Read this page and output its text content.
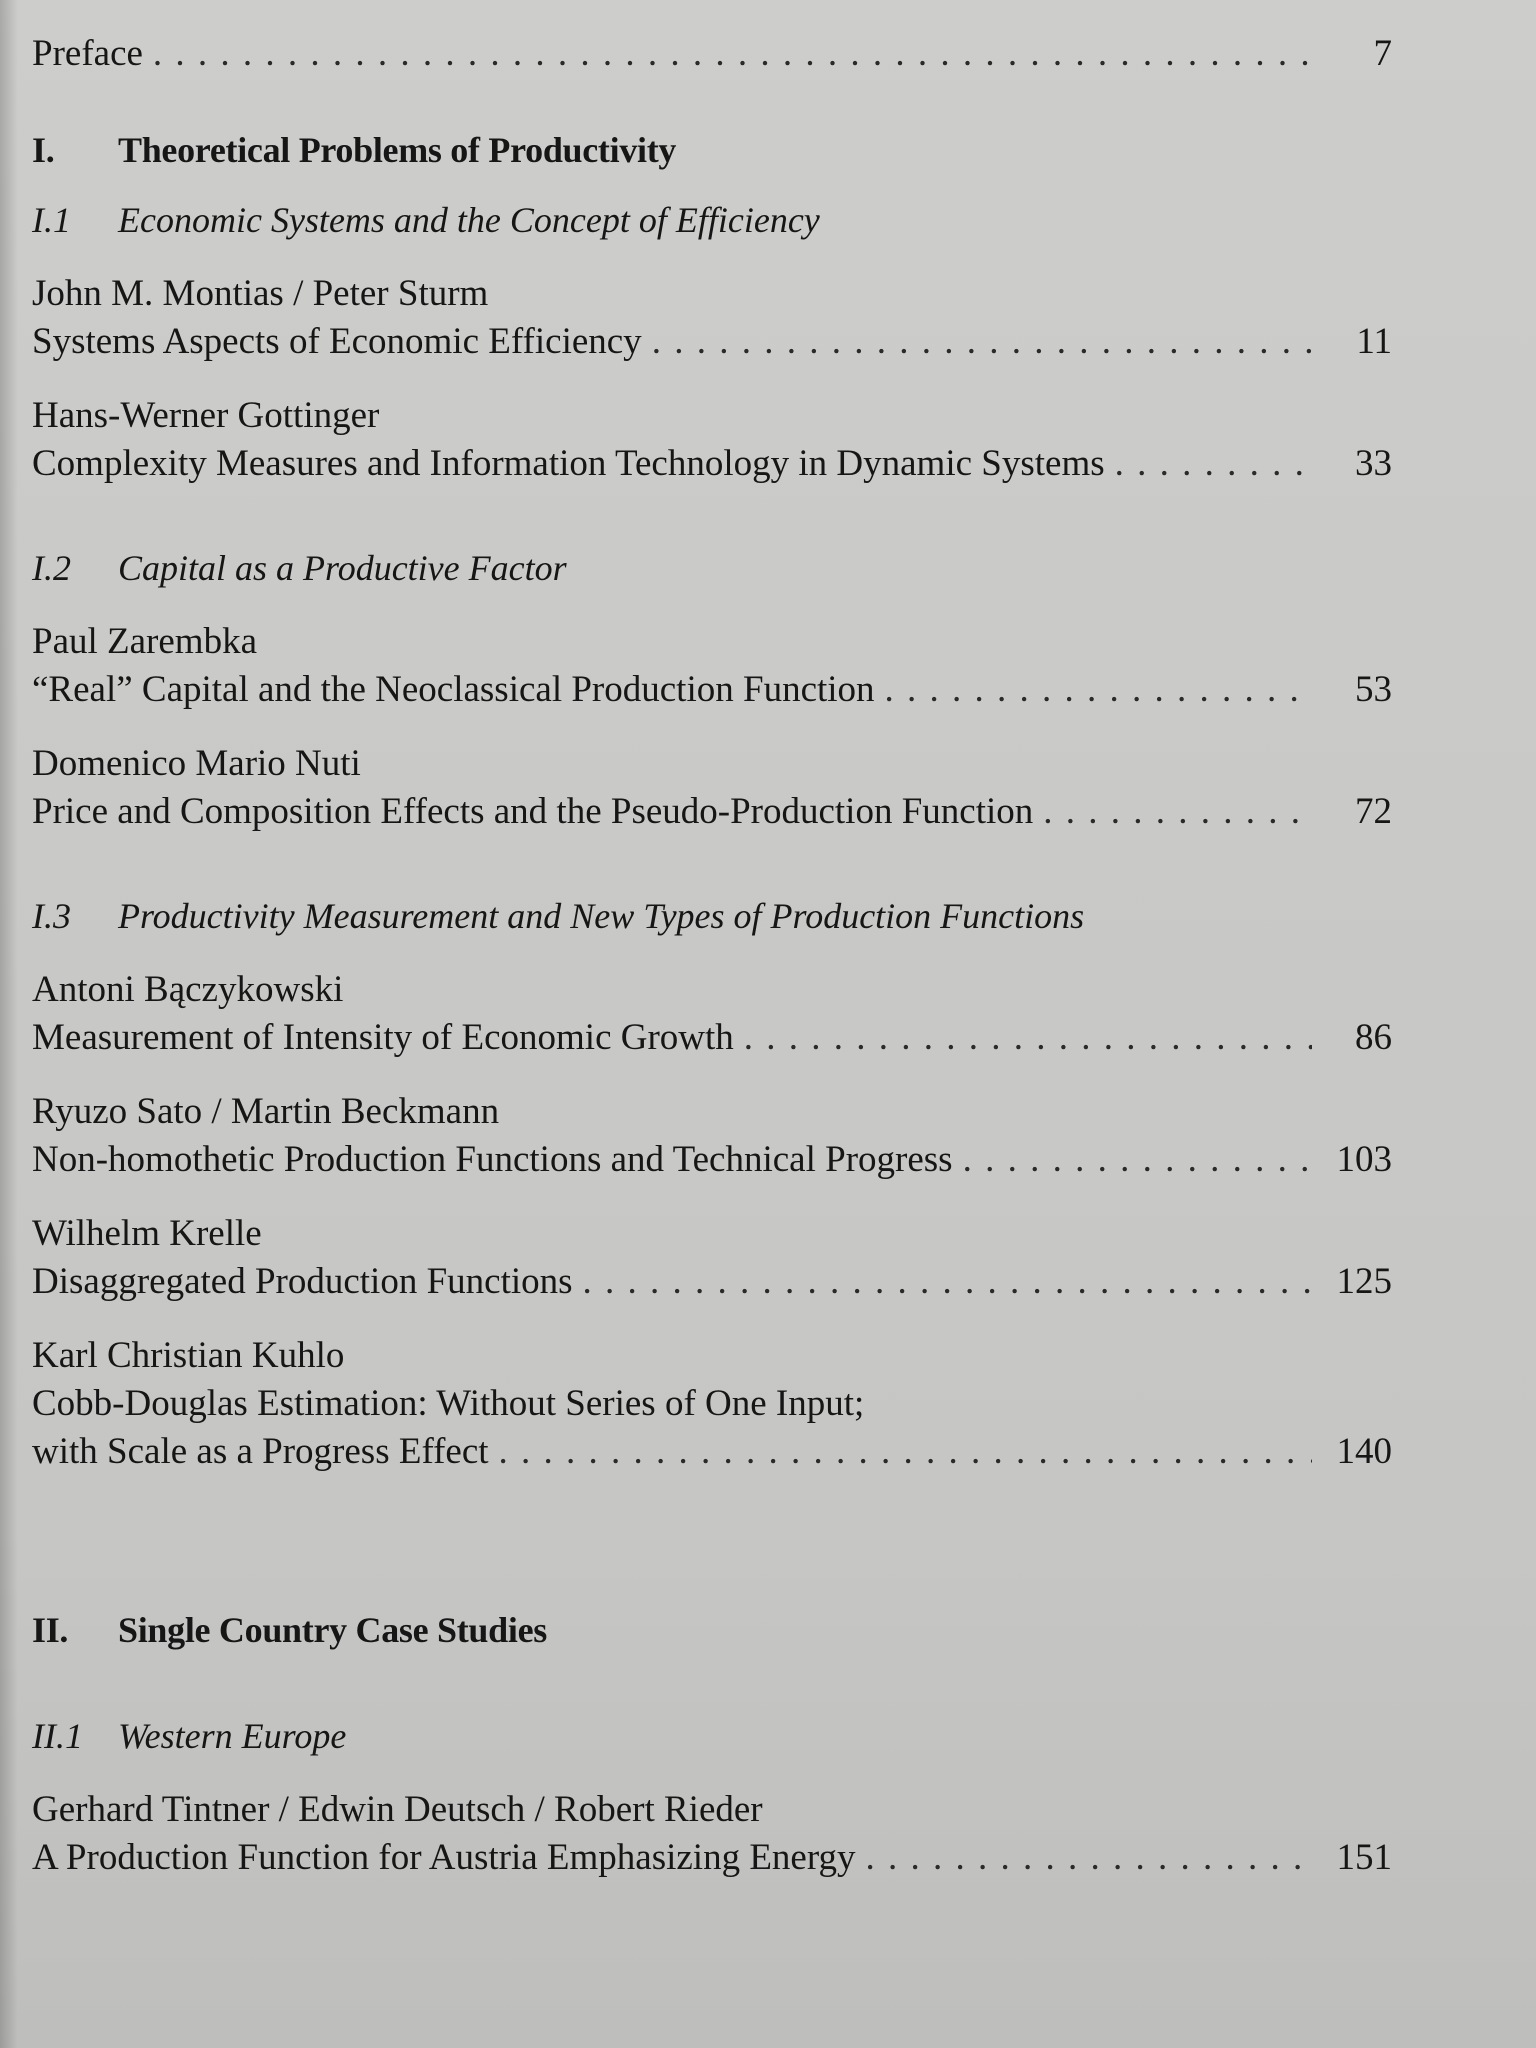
Preface . . .	7
I.	Theoretical Problems of Productivity
I.1	Economic Systems and the Concept of Efficiency
John M. Montias / Peter Sturm
Systems Aspects of Economic Efficiency . . .	11
Hans-Werner Gottinger
Complexity Measures and Information Technology in Dynamic Systems . . .	33
I.2	Capital as a Productive Factor
Paul Zarembka
“Real” Capital and the Neoclassical Production Function . . .	53
Domenico Mario Nuti
Price and Composition Effects and the Pseudo-Production Function . . .	72
I.3	Productivity Measurement and New Types of Production Functions
Antoni Bączykowski
Measurement of Intensity of Economic Growth . . .	86
Ryuzo Sato / Martin Beckmann
Non-homothetic Production Functions and Technical Progress . . .	103
Wilhelm Krelle
Disaggregated Production Functions . . .	125
Karl Christian Kuhlo
Cobb-Douglas Estimation: Without Series of One Input;
with Scale as a Progress Effect . . .	140
II.	Single Country Case Studies
II.1 Western Europe
Gerhard Tintner / Edwin Deutsch / Robert Rieder
A Production Function for Austria Emphasizing Energy . . .	151
